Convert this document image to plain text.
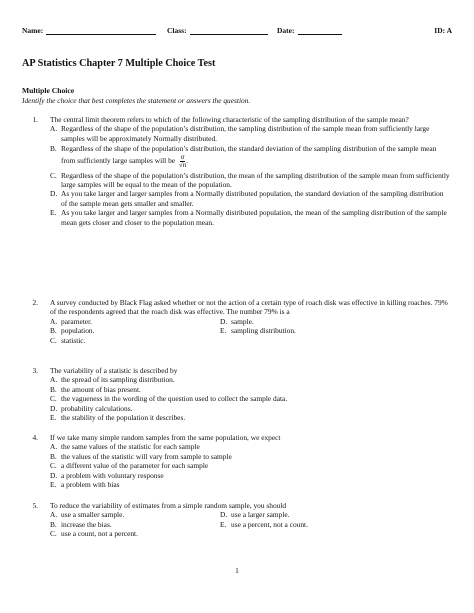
Name:	Class:	Date:	ID: A
AP Statistics Chapter 7 Multiple Choice Test
Multiple Choice
Identify the choice that best completes the statement or answers the question.
1. The central limit theorem refers to which of the following characteristic of the sampling distribution of the sample mean?
A. Regardless of the shape of the population’s distribution, the sampling distribution of the sample mean from sufficiently large samples will be approximately Normally distributed.
B. Regardless of the shape of the population’s distribution, the standard deviation of the sampling distribution of the sample mean from sufficiently large samples will be $\frac{\sigma}{√n}$ .
C. Regardless of the shape of the population’s distribution, the mean of the sampling distribution of the sample mean from sufficiently large samples will be equal to the mean of the population.
D. As you take larger and larger samples from a Normally distributed population, the standard deviation of the sampling distribution of the sample mean gets smaller and smaller.
E. As you take larger and larger samples from a Normally distributed population, the mean of the sampling distribution of the sample mean gets closer and closer to the population mean.
2. A survey conducted by Black Flag asked whether or not the action of a certain type of roach disk was effective in killing roaches. 79% of the respondents agreed that the roach disk was effective. The number 79% is a
A. parameter.
B. population.
C. statistic.
D. sample.
E. sampling distribution.
3. The variability of a statistic is described by
A. the spread of its sampling distribution.
B. the amount of bias present.
C. the vagueness in the wording of the question used to collect the sample data.
D. probability calculations.
E. the stability of the population it describes.
4. If we take many simple random samples from the same population, we expect
A. the same values of the statistic for each sample
B. the values of the statistic will vary from sample to sample
C. a different value of the parameter for each sample
D. a problem with voluntary response
E. a problem with bias
5. To reduce the variability of estimates from a simple random sample, you should
A. use a smaller sample.
B. increase the bias.
C. use a count, not a percent.
D. use a larger sample.
E. use a percent, not a count.
1
